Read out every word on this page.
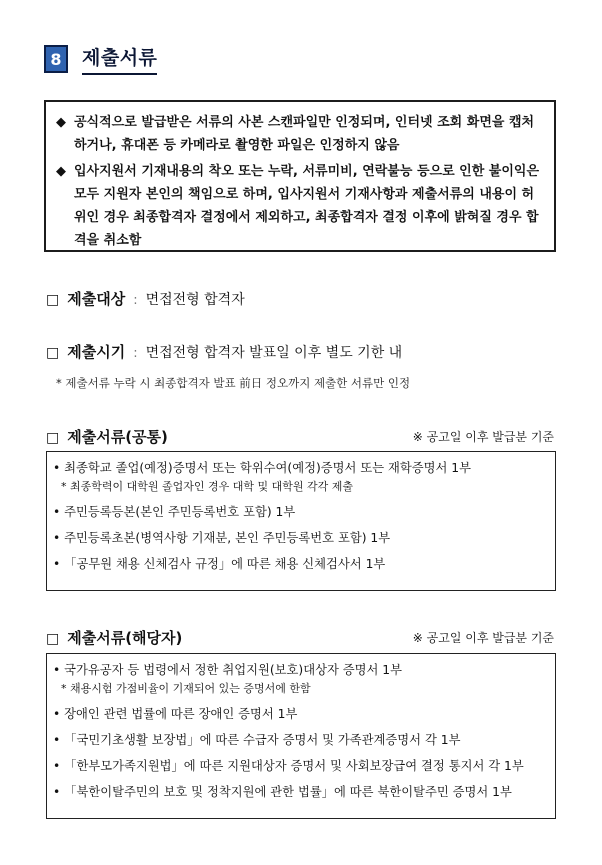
8	제출서류
◆ 공식적으로 발급받은 서류의 사본 스캔파일만 인정되며, 인터넷 조회 화면을 캡처하거나, 휴대폰 등 카메라로 촬영한 파일은 인정하지 않음
◆ 입사지원서 기재내용의 착오 또는 누락, 서류미비, 연락불능 등으로 인한 불이익은 모두 지원자 본인의 책임으로 하며, 입사지원서 기재사항과 제출서류의 내용이 허위인 경우 최종합격자 결정에서 제외하고, 최종합격자 결정 이후에 밝혀질 경우 합격을 취소함
□ 제출대상 : 면접전형 합격자
□ 제출시기 : 면접전형 합격자 발표일 이후 별도 기한 내
* 제출서류 누락 시 최종합격자 발표 前日 정오까지 제출한 서류만 인정
□ 제출서류(공통)	※ 공고일 이후 발급분 기준
• 최종학교 졸업(예정)증명서 또는 학위수여(예정)증명서 또는 재학증명서 1부
* 최종학력이 대학원 졸업자인 경우 대학 및 대학원 각각 제출
• 주민등록등본(본인 주민등록번호 포함) 1부
• 주민등록초본(병역사항 기재분, 본인 주민등록번호 포함) 1부
• 「공무원 채용 신체검사 규정」에 따른 채용 신체검사서 1부
□ 제출서류(해당자)	※ 공고일 이후 발급분 기준
• 국가유공자 등 법령에서 정한 취업지원(보호)대상자 증명서 1부
* 채용시험 가점비율이 기재되어 있는 증명서에 한함
• 장애인 관련 법률에 따른 장애인 증명서 1부
• 「국민기초생활 보장법」에 따른 수급자 증명서 및 가족관계증명서 각 1부
• 「한부모가족지원법」에 따른 지원대상자 증명서 및 사회보장급여 결정 통지서 각 1부
• 「북한이탈주민의 보호 및 정착지원에 관한 법률」에 따른 북한이탈주민 증명서 1부
